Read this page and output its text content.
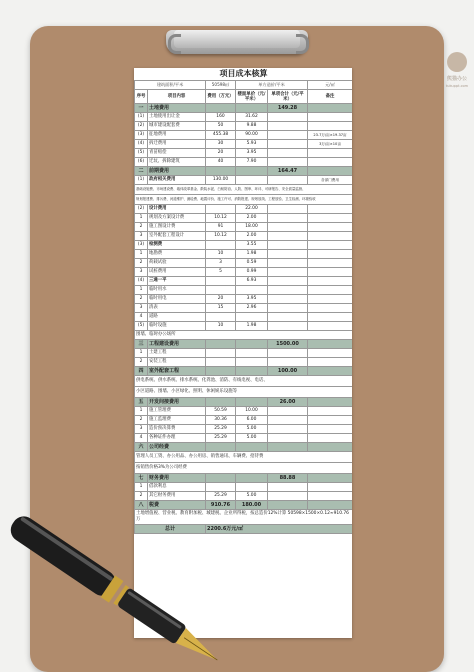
熊猫办公
tukuppt.com
项目成本核算					
建筑面积/平米		50598㎡	单方造价/平米		元/㎡
序号	项目内容	费用（万元）	楼面单价（元/平米）	单项合计（元/平米）	备注
一	土地费用			149.28	
(1)	土地使用出让金	160	31.62		
(2)	城市建设配套费	50	9.88		
(3)	征地费用	455.38	90.00		23.7万/亩×19.37亩
(4)	拆迁费用	30	5.93		3万/亩×10亩
(5)	青苗赔偿	20	3.95		
(6)	迁坟、拆除建筑	40	7.90		
二	前期费用			164.47	
(1)	政府相关费用	130.00			各部门费用
基础设施费、市场建设费、墙体改革基金、散装水泥、白蚁防治、人防、图审、环评、可研报告、安全质量监督、					
规划报建费、排污费、河道维护、测绘费、地震评价、施工许可、消防报建、规划放线、工程放验、卫生检测、环境验收					
(2)	设计费用		22.00		
1	规划及方案设计费	10.12	2.00		
2	施工图设计费	91	18.00		
3	室外配套工程设计	10.12	2.00		
(3)	检测费		3.55		
1	地勘费	10	1.98		
2	荷载试验	3	0.59		
3	试桩费用	5	0.99		
(4)	三通一平		6.93		
1	临时用水				
2	临时用电	20	3.95		
3	清表	15	2.96		
4	道路				
(5)	临时设施	10	1.98		
围墙、临时办公场所					
三	工程建设费用			1500.00	
1	土建工程				
2	安装工程				
四	室外配套工程			100.00	
供电系统、供水系统、排水系统、化粪池、消防、有线电视、电话、					
小区道路、围墙、小区绿化、照明、休闲娱乐设施等					
五	开发间接费用			26.00	
1	施工管理费	50.59	10.00		
2	施工监理费	30.36	6.00		
3	造价预决算费	25.29	5.00		
4	各种证件办理	25.29	5.00		
六	公司经费				
管理人员工资、办公用品、办公用房、销售通讯、车辆费、招待费					
按销售价格3%为公司经费					
七	财务费用			88.88	
1	借款利息				
2	其它财务费用	25.29	5.00		
八	税费	910.76	180.00		
土地增值税、营业税、教育附加税、城建税、企业所得税，按总造价12%计算 50598×1500×0.12≈910.76万					
总计		2200.6万元/㎡			
